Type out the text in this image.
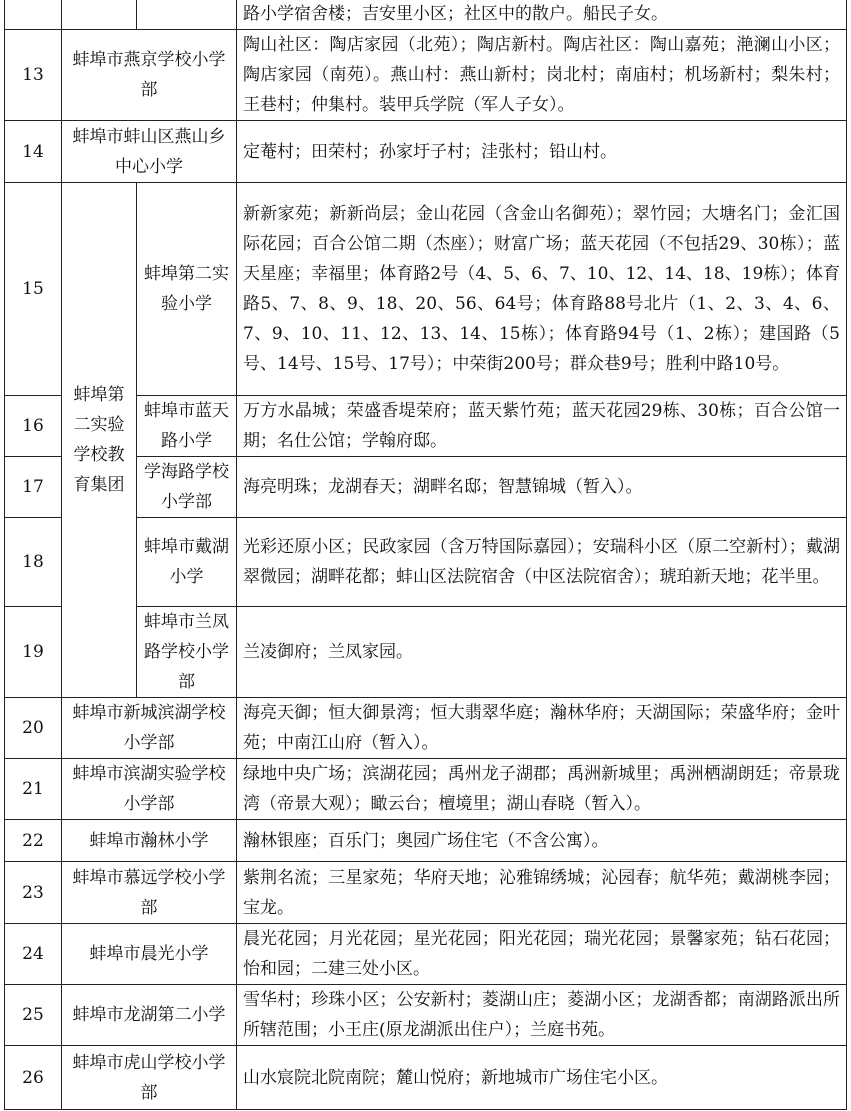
			路小学宿舍楼；吉安里小区；社区中的散户。船民子女。
13	蚌埠市燕京学校小学部		陶山社区：陶店家园（北苑）；陶店新村。陶店社区：陶山嘉苑；滟澜山小区；陶店家园（南苑）。燕山村：燕山新村；岗北村；南庙村；机场新村；梨朱村；王巷村；仲集村。装甲兵学院（军人子女）。
14	蚌埠市蚌山区燕山乡中心小学		定菴村；田荣村；孙家圩子村；洼张村；铅山村。
15	蚌埠第二实验学校教育集团	蚌埠第二实验小学	新新家苑；新新尚层；金山花园（含金山名御苑）；翠竹园；大塘名门；金汇国际花园；百合公馆二期（杰座）；财富广场；蓝天花园（不包括29、30栋）；蓝天星座；幸福里；体育路2号（4、5、6、7、10、12、14、18、19栋）；体育路5、7、8、9、18、20、56、64号；体育路88号北片（1、2、3、4、6、7、9、10、11、12、13、14、15栋）；体育路94号（1、2栋）；建国路（5号、14号、15号、17号）；中荣街200号；群众巷9号；胜利中路10号。
16		蚌埠市蓝天路小学	万方水晶城；荣盛香堤荣府；蓝天紫竹苑；蓝天花园29栋、30栋；百合公馆一期；名仕公馆；学翰府邸。
17		学海路学校小学部	海亮明珠；龙湖春天；湖畔名邸；智慧锦城（暂入）。
18		蚌埠市戴湖小学	光彩还原小区；民政家园（含万特国际嘉园）；安瑞科小区（原二空新村）；戴湖翠微园；湖畔花都；蚌山区法院宿舍（中区法院宿舍）；琥珀新天地；花半里。
19		蚌埠市兰凤路学校小学部	兰凌御府；兰凤家园。
20	蚌埠市新城滨湖学校小学部		海亮天御；恒大御景湾；恒大翡翠华庭；瀚林华府；天湖国际；荣盛华府；金叶苑；中南江山府（暂入）。
21	蚌埠市滨湖实验学校小学部		绿地中央广场；滨湖花园；禹州龙子湖郡；禹洲新城里；禹洲栖湖朗廷；帝景珑湾（帝景大观）；瞰云台；檀境里；湖山春晓（暂入）。
22	蚌埠市瀚林小学		瀚林银座；百乐门；奥园广场住宅（不含公寓）。
23	蚌埠市慕远学校小学部		紫荆名流；三星家苑；华府天地；沁雅锦绣城；沁园春；航华苑；戴湖桃李园；宝龙。
24	蚌埠市晨光小学		晨光花园；月光花园；星光花园；阳光花园；瑞光花园；景馨家苑；钻石花园；怡和园；二建三处小区。
25	蚌埠市龙湖第二小学		雪华村；珍珠小区；公安新村；菱湖山庄；菱湖小区；龙湖香都；南湖路派出所所辖范围；小王庄(原龙湖派出住户）；兰庭书苑。
26	蚌埠市虎山学校小学部		山水宸院北院南院；麓山悦府；新地城市广场住宅小区。
